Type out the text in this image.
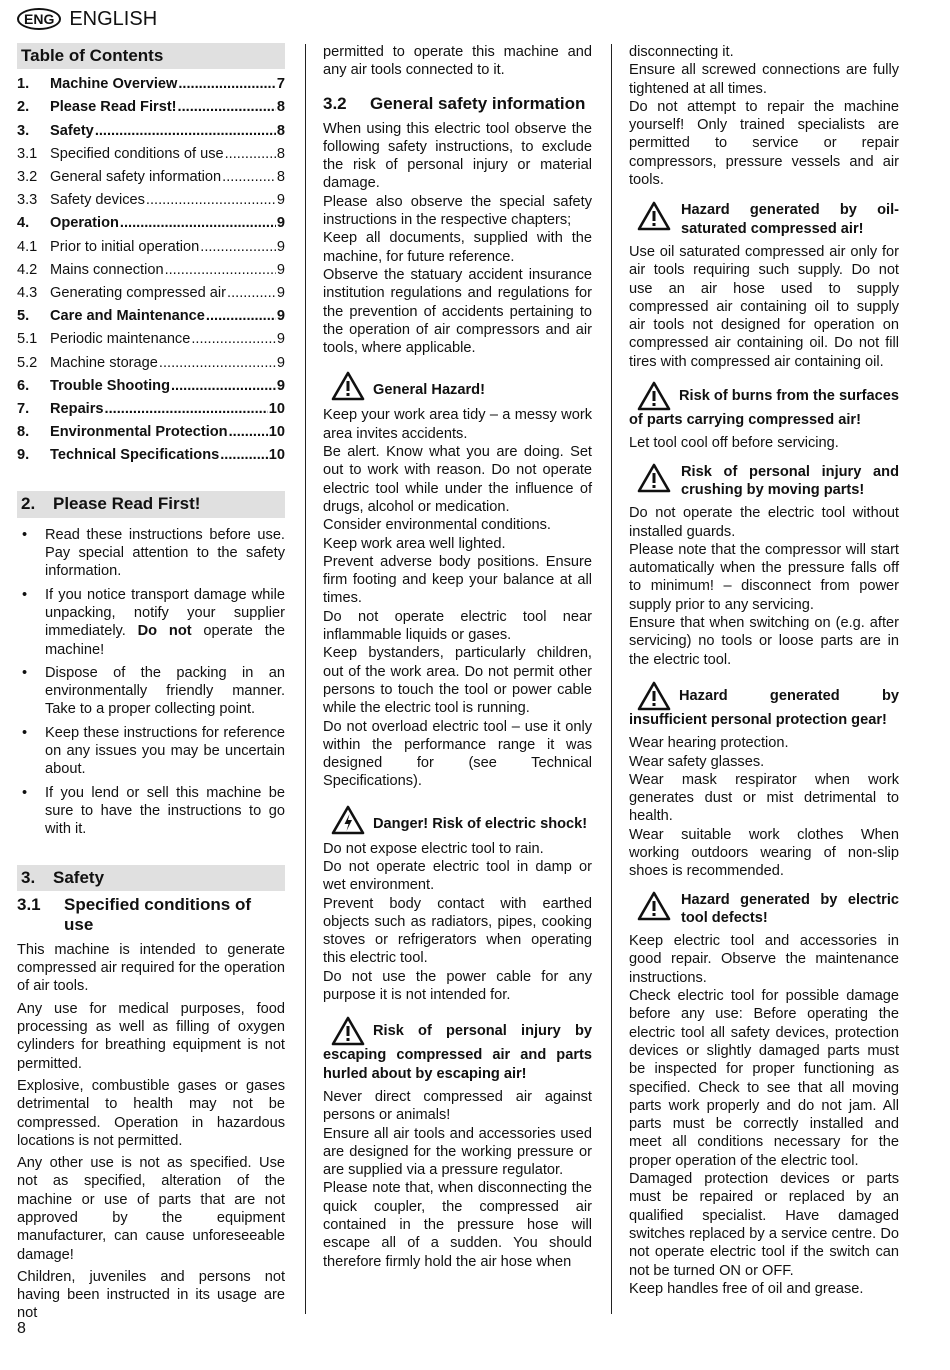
ENG ENGLISH
Table of Contents
1.	Machine Overview .....	7
2.	Please Read First! .....	8
3.	Safety .....	8
3.1 Specified conditions of use .....	8
3.2 General safety information .....	8
3.3 Safety devices .....	9
4.	Operation .....	9
4.1 Prior to initial operation .....	9
4.2 Mains connection .....	9
4.3 Generating compressed air .....	9
5.	Care and Maintenance .....	9
5.1 Periodic maintenance .....	9
5.2 Machine storage .....	9
6.	Trouble Shooting .....	9
7.	Repairs .....	10
8.	Environmental Protection .....	10
9.	Technical Specifications .....	10
2. Please Read First!
• Read these instructions before use. Pay special attention to the safety information.
• If you notice transport damage while unpacking, notify your supplier immediately. Do not operate the machine!
• Dispose of the packing in an environmentally friendly manner. Take to a proper collecting point.
• Keep these instructions for reference on any issues you may be uncertain about.
• If you lend or sell this machine be sure to have the instructions to go with it.
3. Safety
3.1	Specified conditions of use

This machine is intended to generate compressed air required for the operation of air tools.

Any use for medical purposes, food processing as well as filling of oxygen cylinders for breathing equipment is not permitted.

Explosive, combustible gases or gases detrimental to health may not be compressed. Operation in hazardous locations is not permitted.

Any other use is not as specified. Use not as specified, alteration of the machine or use of parts that are not approved by the equipment manufacturer, can cause unforeseeable damage!

Children, juveniles and persons not having been instructed in its usage are not

permitted to operate this machine and any air tools connected to it.

3.2	General safety information

When using this electric tool observe the following safety instructions, to exclude the risk of personal injury or material damage.

Please also observe the special safety instructions in the respective chapters;

Keep all documents, supplied with the machine, for future reference.

Observe the statuary accident insurance institution regulations and regulations for the prevention of accidents pertaining to the operation of air compressors and air tools, where applicable.

General Hazard!

Keep your work area tidy – a messy work area invites accidents.

Be alert. Know what you are doing. Set out to work with reason. Do not operate electric tool while under the influence of drugs, alcohol or medication.

Consider environmental conditions.

Keep work area well lighted.

Prevent adverse body positions. Ensure firm footing and keep your balance at all times.

Do not operate electric tool near inflammable liquids or gases.

Keep bystanders, particularly children, out of the work area. Do not permit other persons to touch the tool or power cable while the electric tool is running.

Do not overload electric tool – use it only within the performance range it was designed for (see Technical Specifications).

Danger! Risk of electric shock!

Do not expose electric tool to rain.

Do not operate electric tool in damp or wet environment.

Prevent body contact with earthed objects such as radiators, pipes, cooking stoves or refrigerators when operating this electric tool.

Do not use the power cable for any purpose it is not intended for.

Risk of personal injury by escaping compressed air and parts hurled about by escaping air!

Never direct compressed air against persons or animals!

Ensure all air tools and accessories used are designed for the working pressure or are supplied via a pressure regulator.

Please note that, when disconnecting the quick coupler, the compressed air contained in the pressure hose will escape all of a sudden. You should therefore firmly hold the air hose when

disconnecting it.

Ensure all screwed connections are fully tightened at all times.

Do not attempt to repair the machine yourself! Only trained specialists are permitted to service or repair compressors, pressure vessels and air tools.

Hazard generated by oil-saturated compressed air!

Use oil saturated compressed air only for air tools requiring such supply. Do not use an air hose used to supply compressed air containing oil to supply air tools not designed for operation on compressed air containing oil. Do not fill tires with compressed air containing oil.

Risk of burns from the surfaces of parts carrying compressed air!

Let tool cool off before servicing.

Risk of personal injury and crushing by moving parts!

Do not operate the electric tool without installed guards.

Please note that the compressor will start automatically when the pressure falls off to minimum! – disconnect from power supply prior to any servicing.

Ensure that when switching on (e.g. after servicing) no tools or loose parts are in the electric tool.

Hazard generated by insufficient personal protection gear!

Wear hearing protection.

Wear safety glasses.

Wear mask respirator when work generates dust or mist detrimental to health.

Wear suitable work clothes When working outdoors wearing of non-slip shoes is recommended.

Hazard generated by electric tool defects!

Keep electric tool and accessories in good repair. Observe the maintenance instructions.

Check electric tool for possible damage before any use: Before operating the electric tool all safety devices, protection devices or slightly damaged parts must be inspected for proper functioning as specified. Check to see that all moving parts work properly and do not jam. All parts must be correctly installed and meet all conditions necessary for the proper operation of the electric tool.

Damaged protection devices or parts must be repaired or replaced by an qualified specialist. Have damaged switches replaced by a service centre. Do not operate electric tool if the switch can not be turned ON or OFF.

Keep handles free of oil and grease.

8
